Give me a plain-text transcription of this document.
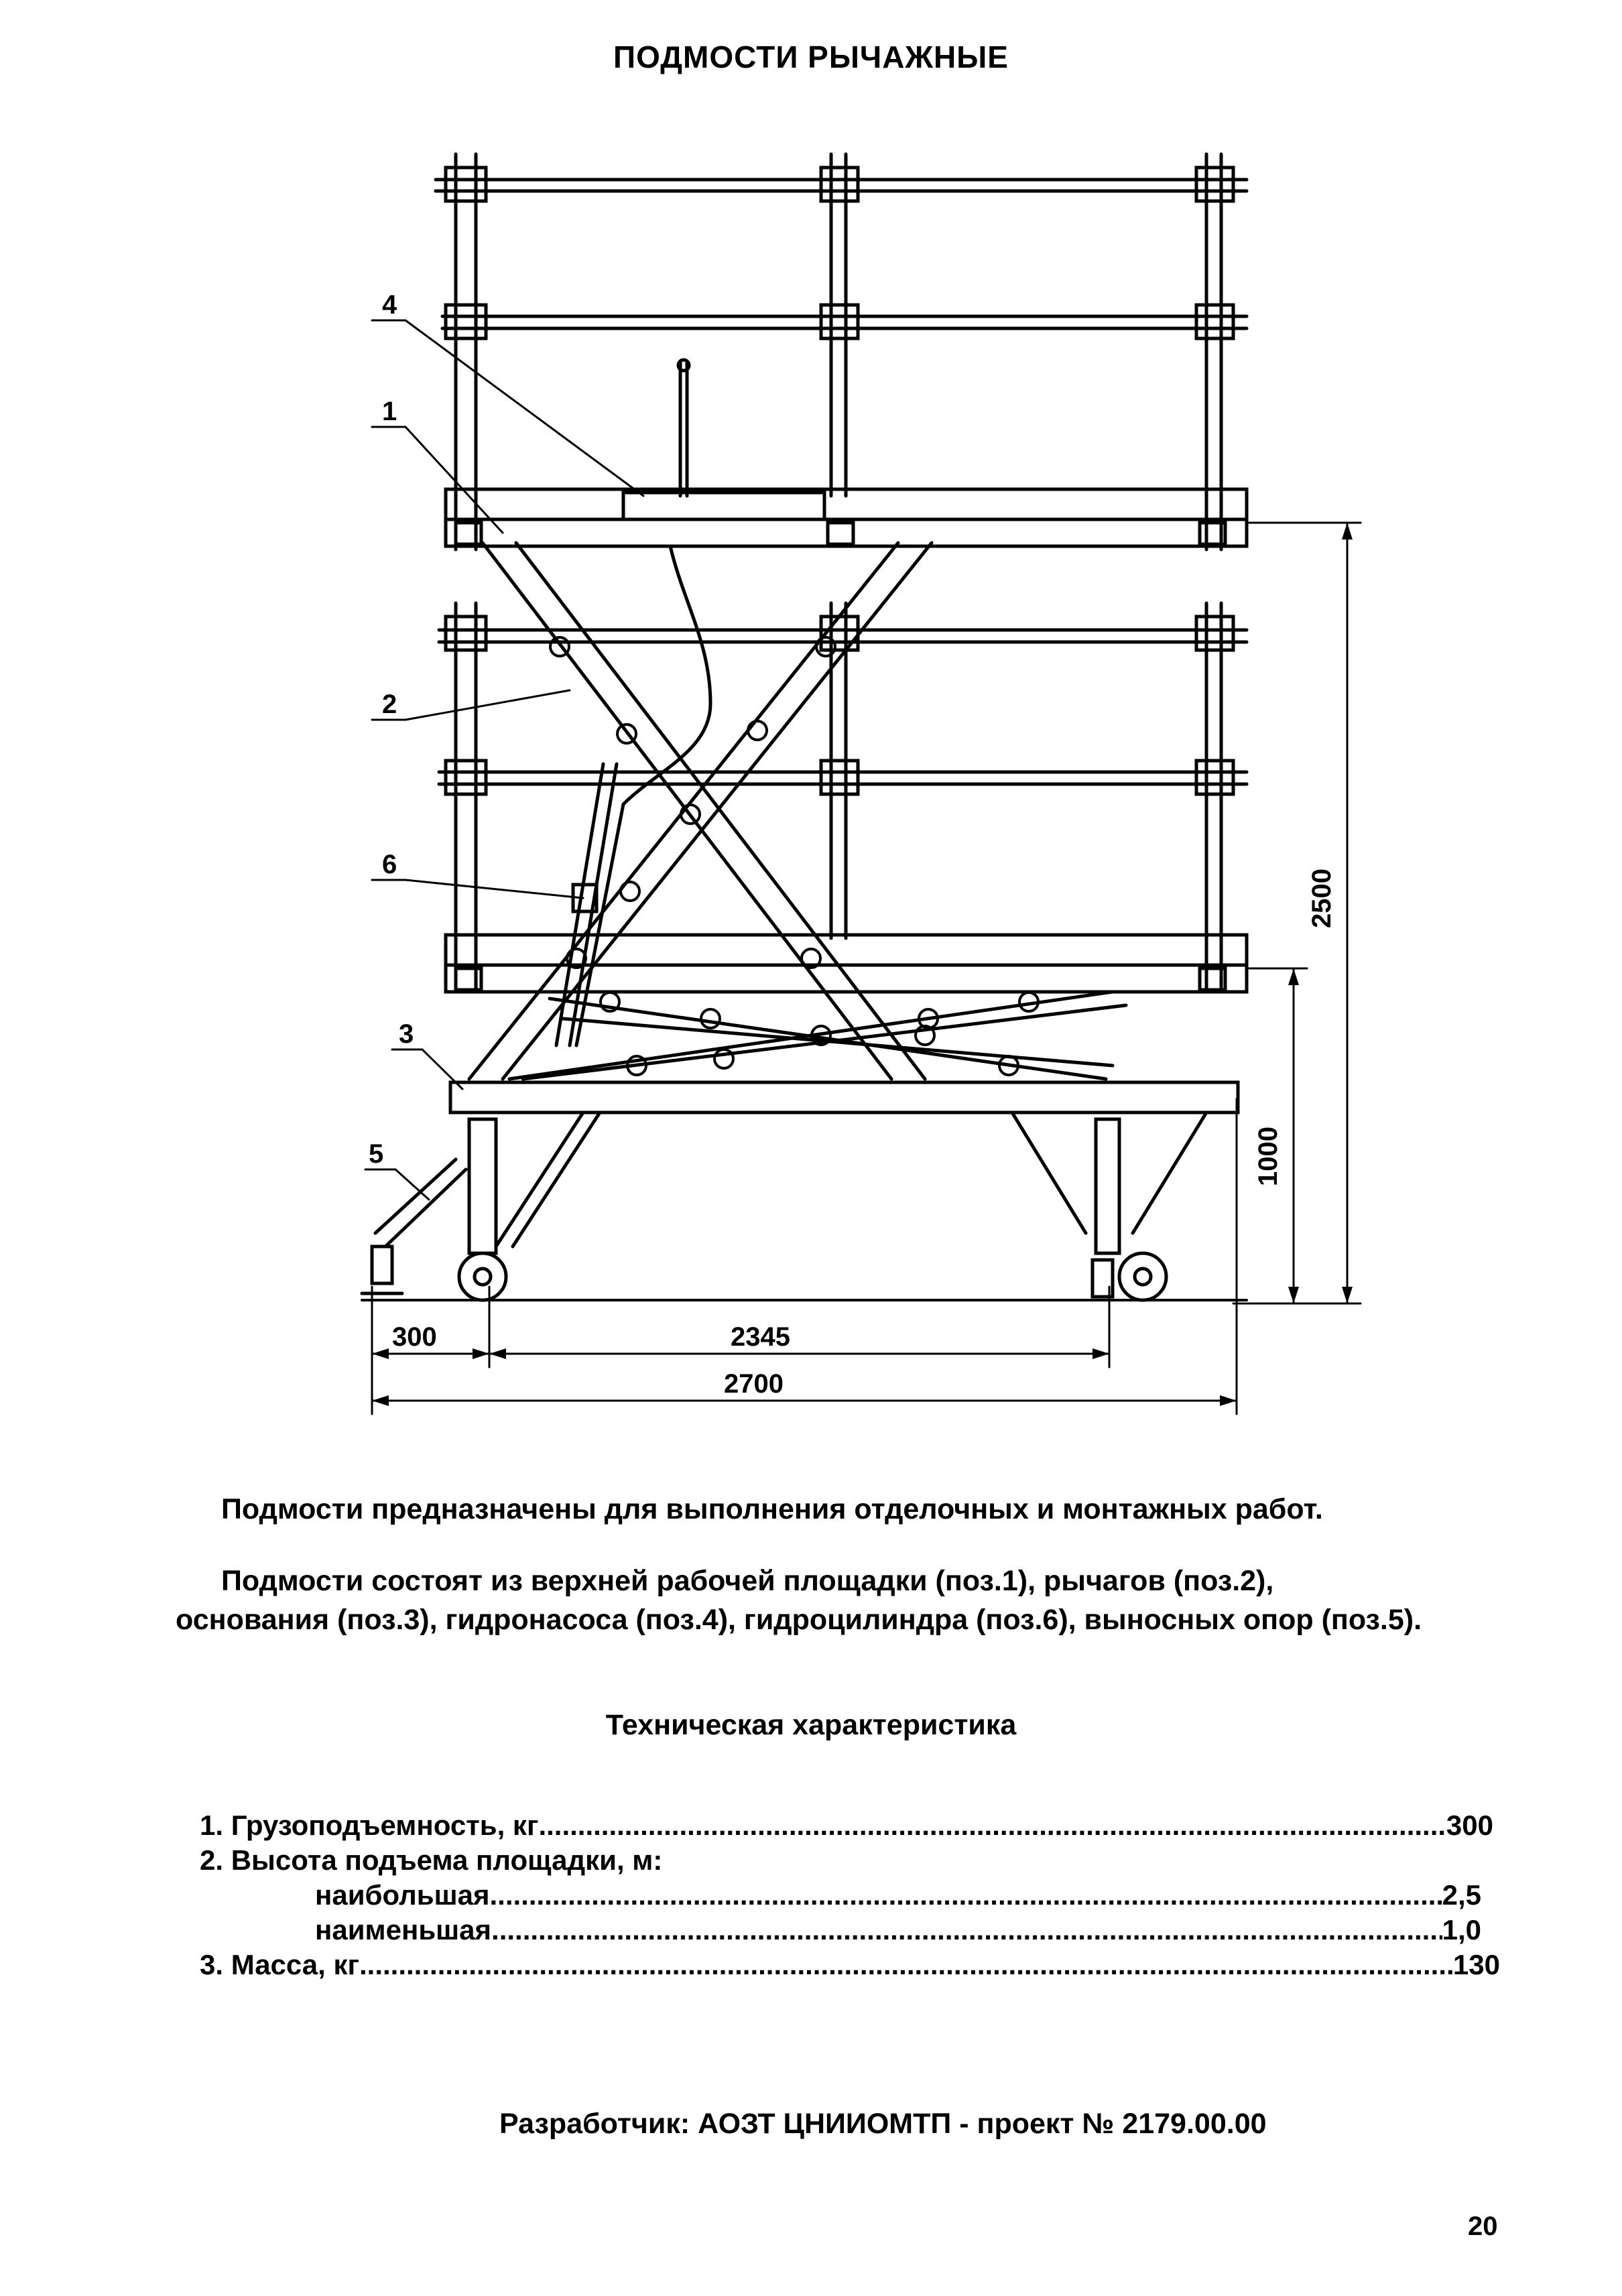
ПОДМОСТИ РЫЧАЖНЫЕ
4
1
2
6
3
5
2500
1000
300	2345
2700
Подмости предназначены для выполнения отделочных и монтажных работ.
Подмости состоят из верхней рабочей площадки (поз.1), рычагов (поз.2),
основания (поз.3), гидронасоса (поз.4), гидроцилиндра (поз.6), выносных опор (поз.5).
Техническая характеристика
1. Грузоподъемность, кг .....	300
2. Высота подъема площадки, м:
наибольшая .....	2,5
наименьшая .....	1,0
3. Масса, кг .....	130
Разработчик: АОЗТ ЦНИИОМТП - проект № 2179.00.00
20
